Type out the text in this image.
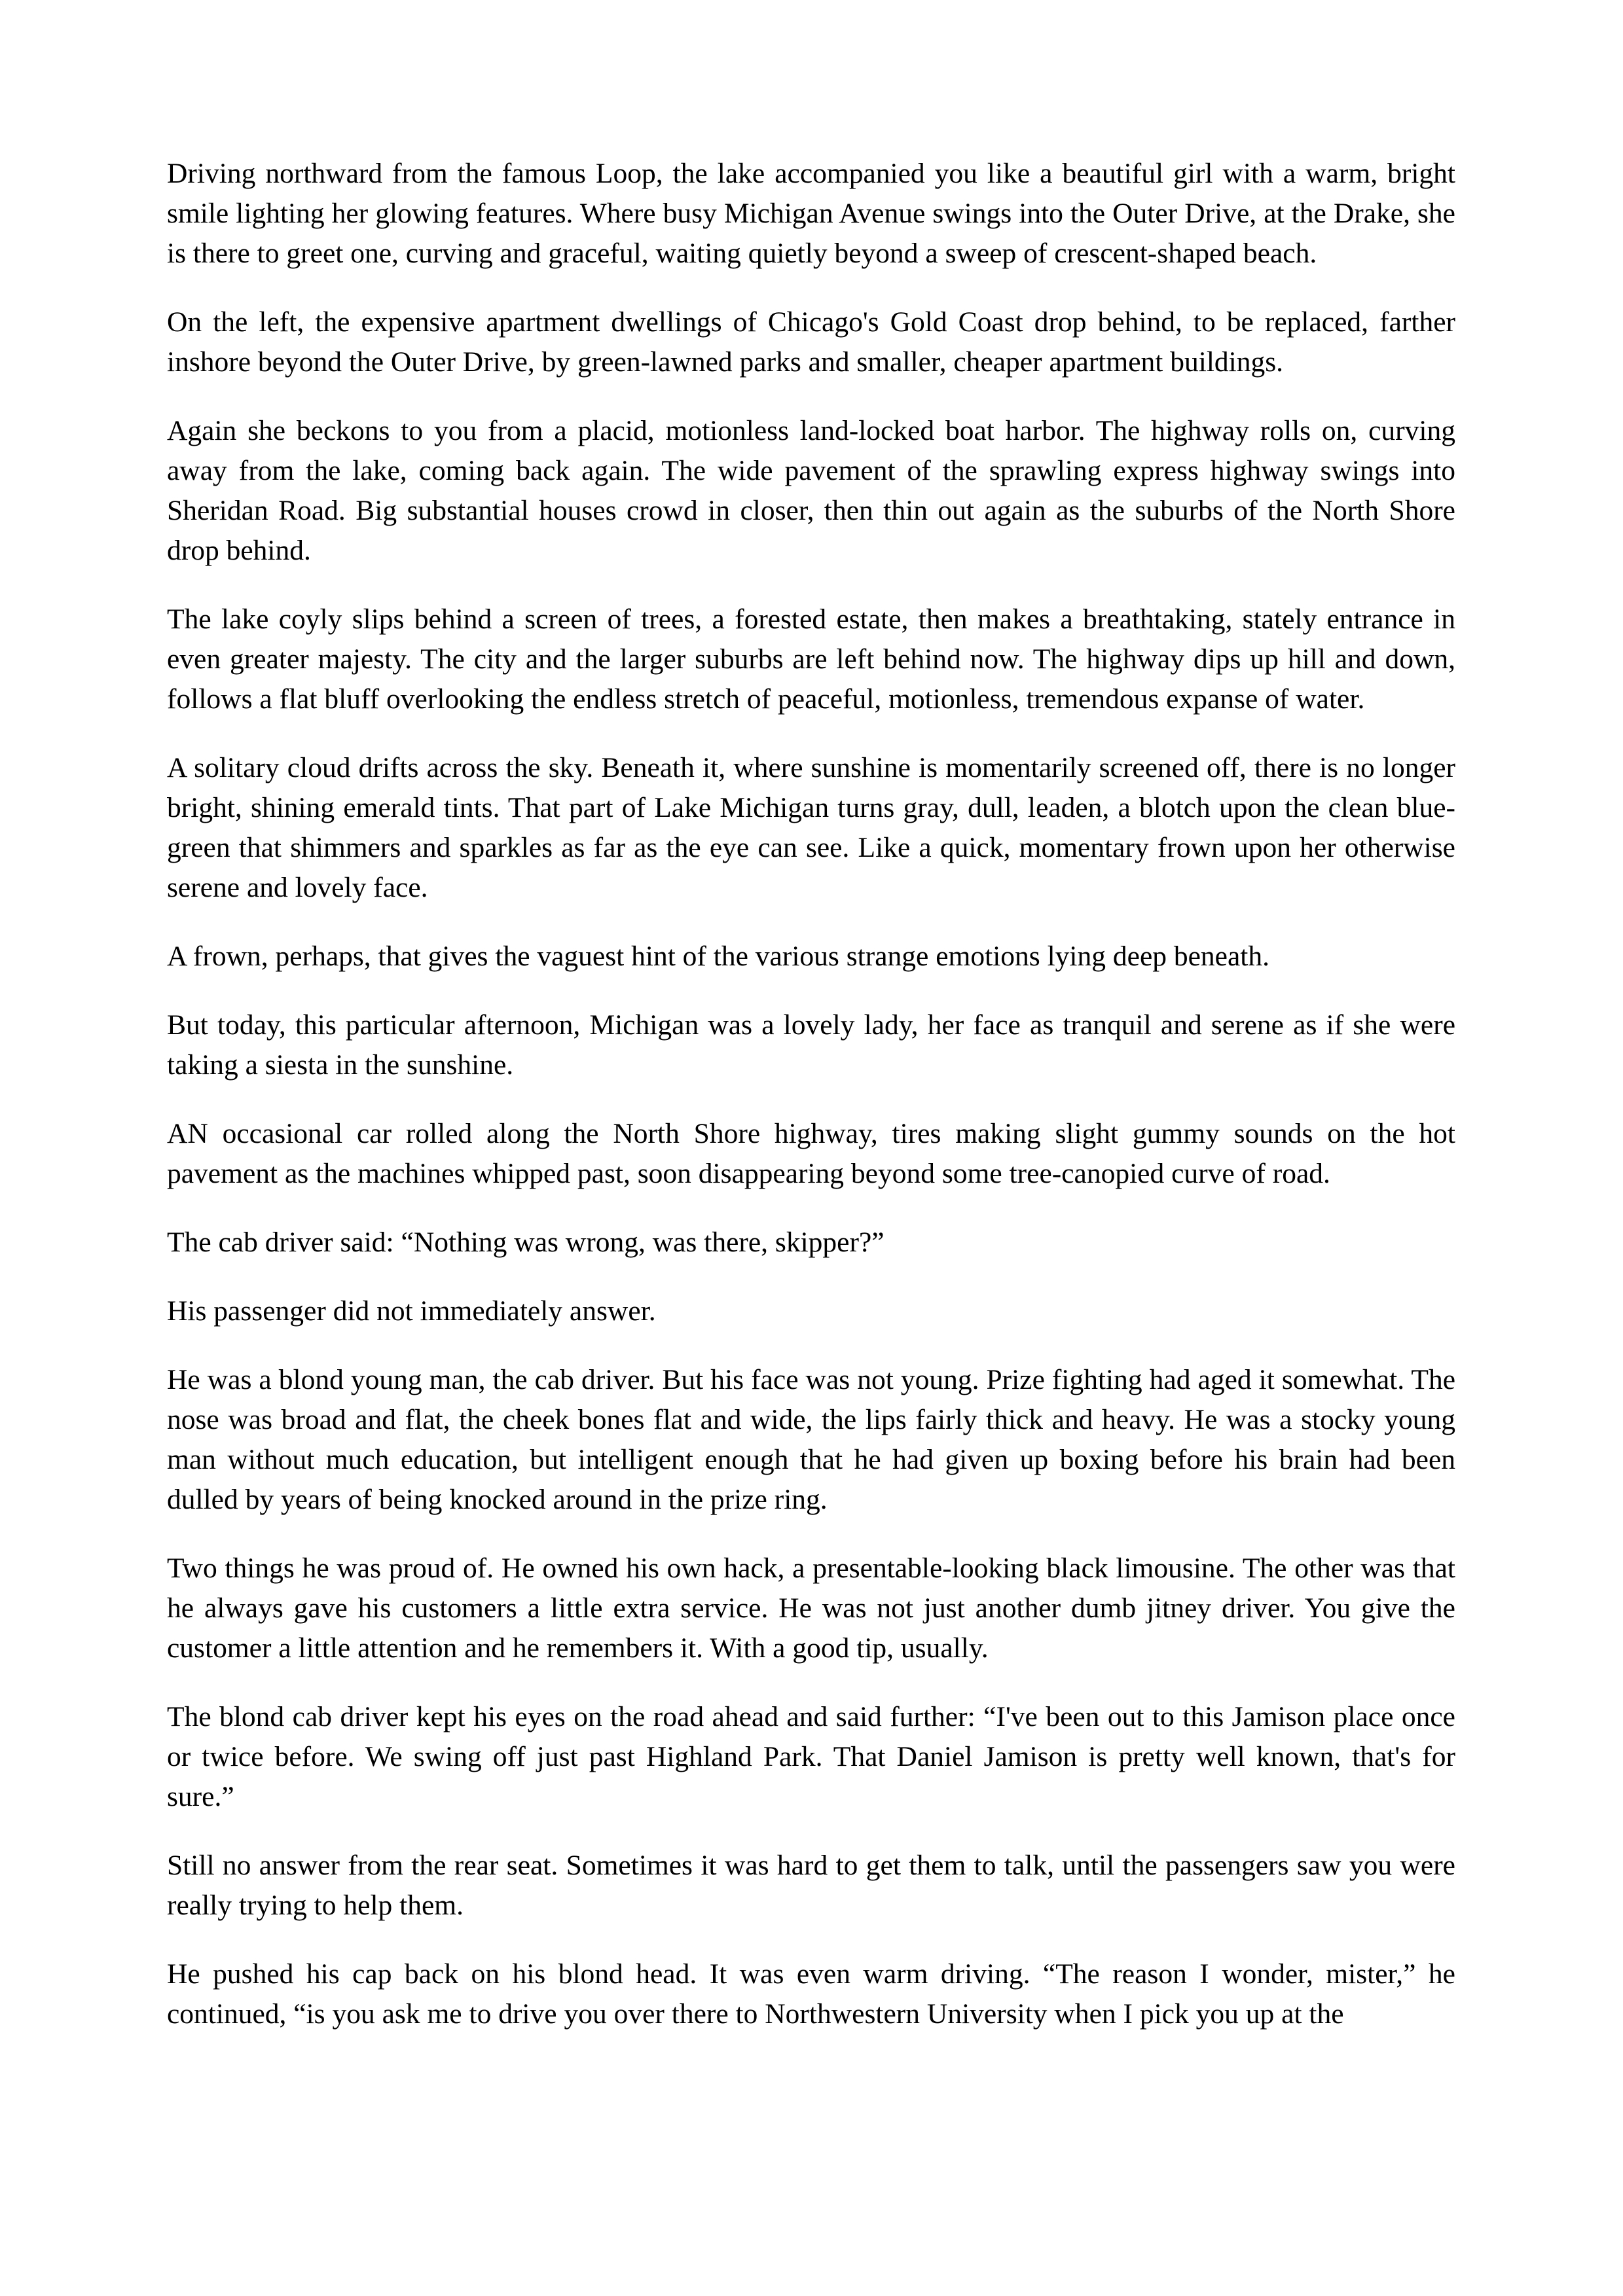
Driving northward from the famous Loop, the lake accompanied you like a beautiful girl with a warm, bright smile lighting her glowing features. Where busy Michigan Avenue swings into the Outer Drive, at the Drake, she is there to greet one, curving and graceful, waiting quietly beyond a sweep of crescent-shaped beach.

On the left, the expensive apartment dwellings of Chicago's Gold Coast drop behind, to be replaced, farther inshore beyond the Outer Drive, by green-lawned parks and smaller, cheaper apartment buildings.

Again she beckons to you from a placid, motionless land-locked boat harbor. The highway rolls on, curving away from the lake, coming back again. The wide pavement of the sprawling express highway swings into Sheridan Road. Big substantial houses crowd in closer, then thin out again as the suburbs of the North Shore drop behind.

The lake coyly slips behind a screen of trees, a forested estate, then makes a breathtaking, stately entrance in even greater majesty. The city and the larger suburbs are left behind now. The highway dips up hill and down, follows a flat bluff overlooking the endless stretch of peaceful, motionless, tremendous expanse of water.

A solitary cloud drifts across the sky. Beneath it, where sunshine is momentarily screened off, there is no longer bright, shining emerald tints. That part of Lake Michigan turns gray, dull, leaden, a blotch upon the clean blue-green that shimmers and sparkles as far as the eye can see. Like a quick, momentary frown upon her otherwise serene and lovely face.

A frown, perhaps, that gives the vaguest hint of the various strange emotions lying deep beneath.

But today, this particular afternoon, Michigan was a lovely lady, her face as tranquil and serene as if she were taking a siesta in the sunshine.

AN occasional car rolled along the North Shore highway, tires making slight gummy sounds on the hot pavement as the machines whipped past, soon disappearing beyond some tree-canopied curve of road.

The cab driver said: “Nothing was wrong, was there, skipper?”

His passenger did not immediately answer.

He was a blond young man, the cab driver. But his face was not young. Prize fighting had aged it somewhat. The nose was broad and flat, the cheek bones flat and wide, the lips fairly thick and heavy. He was a stocky young man without much education, but intelligent enough that he had given up boxing before his brain had been dulled by years of being knocked around in the prize ring.

Two things he was proud of. He owned his own hack, a presentable-looking black limousine. The other was that he always gave his customers a little extra service. He was not just another dumb jitney driver. You give the customer a little attention and he remembers it. With a good tip, usually.

The blond cab driver kept his eyes on the road ahead and said further: “I've been out to this Jamison place once or twice before. We swing off just past Highland Park. That Daniel Jamison is pretty well known, that's for sure.”

Still no answer from the rear seat. Sometimes it was hard to get them to talk, until the passengers saw you were really trying to help them.

He pushed his cap back on his blond head. It was even warm driving. “The reason I wonder, mister,” he continued, “is you ask me to drive you over there to Northwestern University when I pick you up at the
